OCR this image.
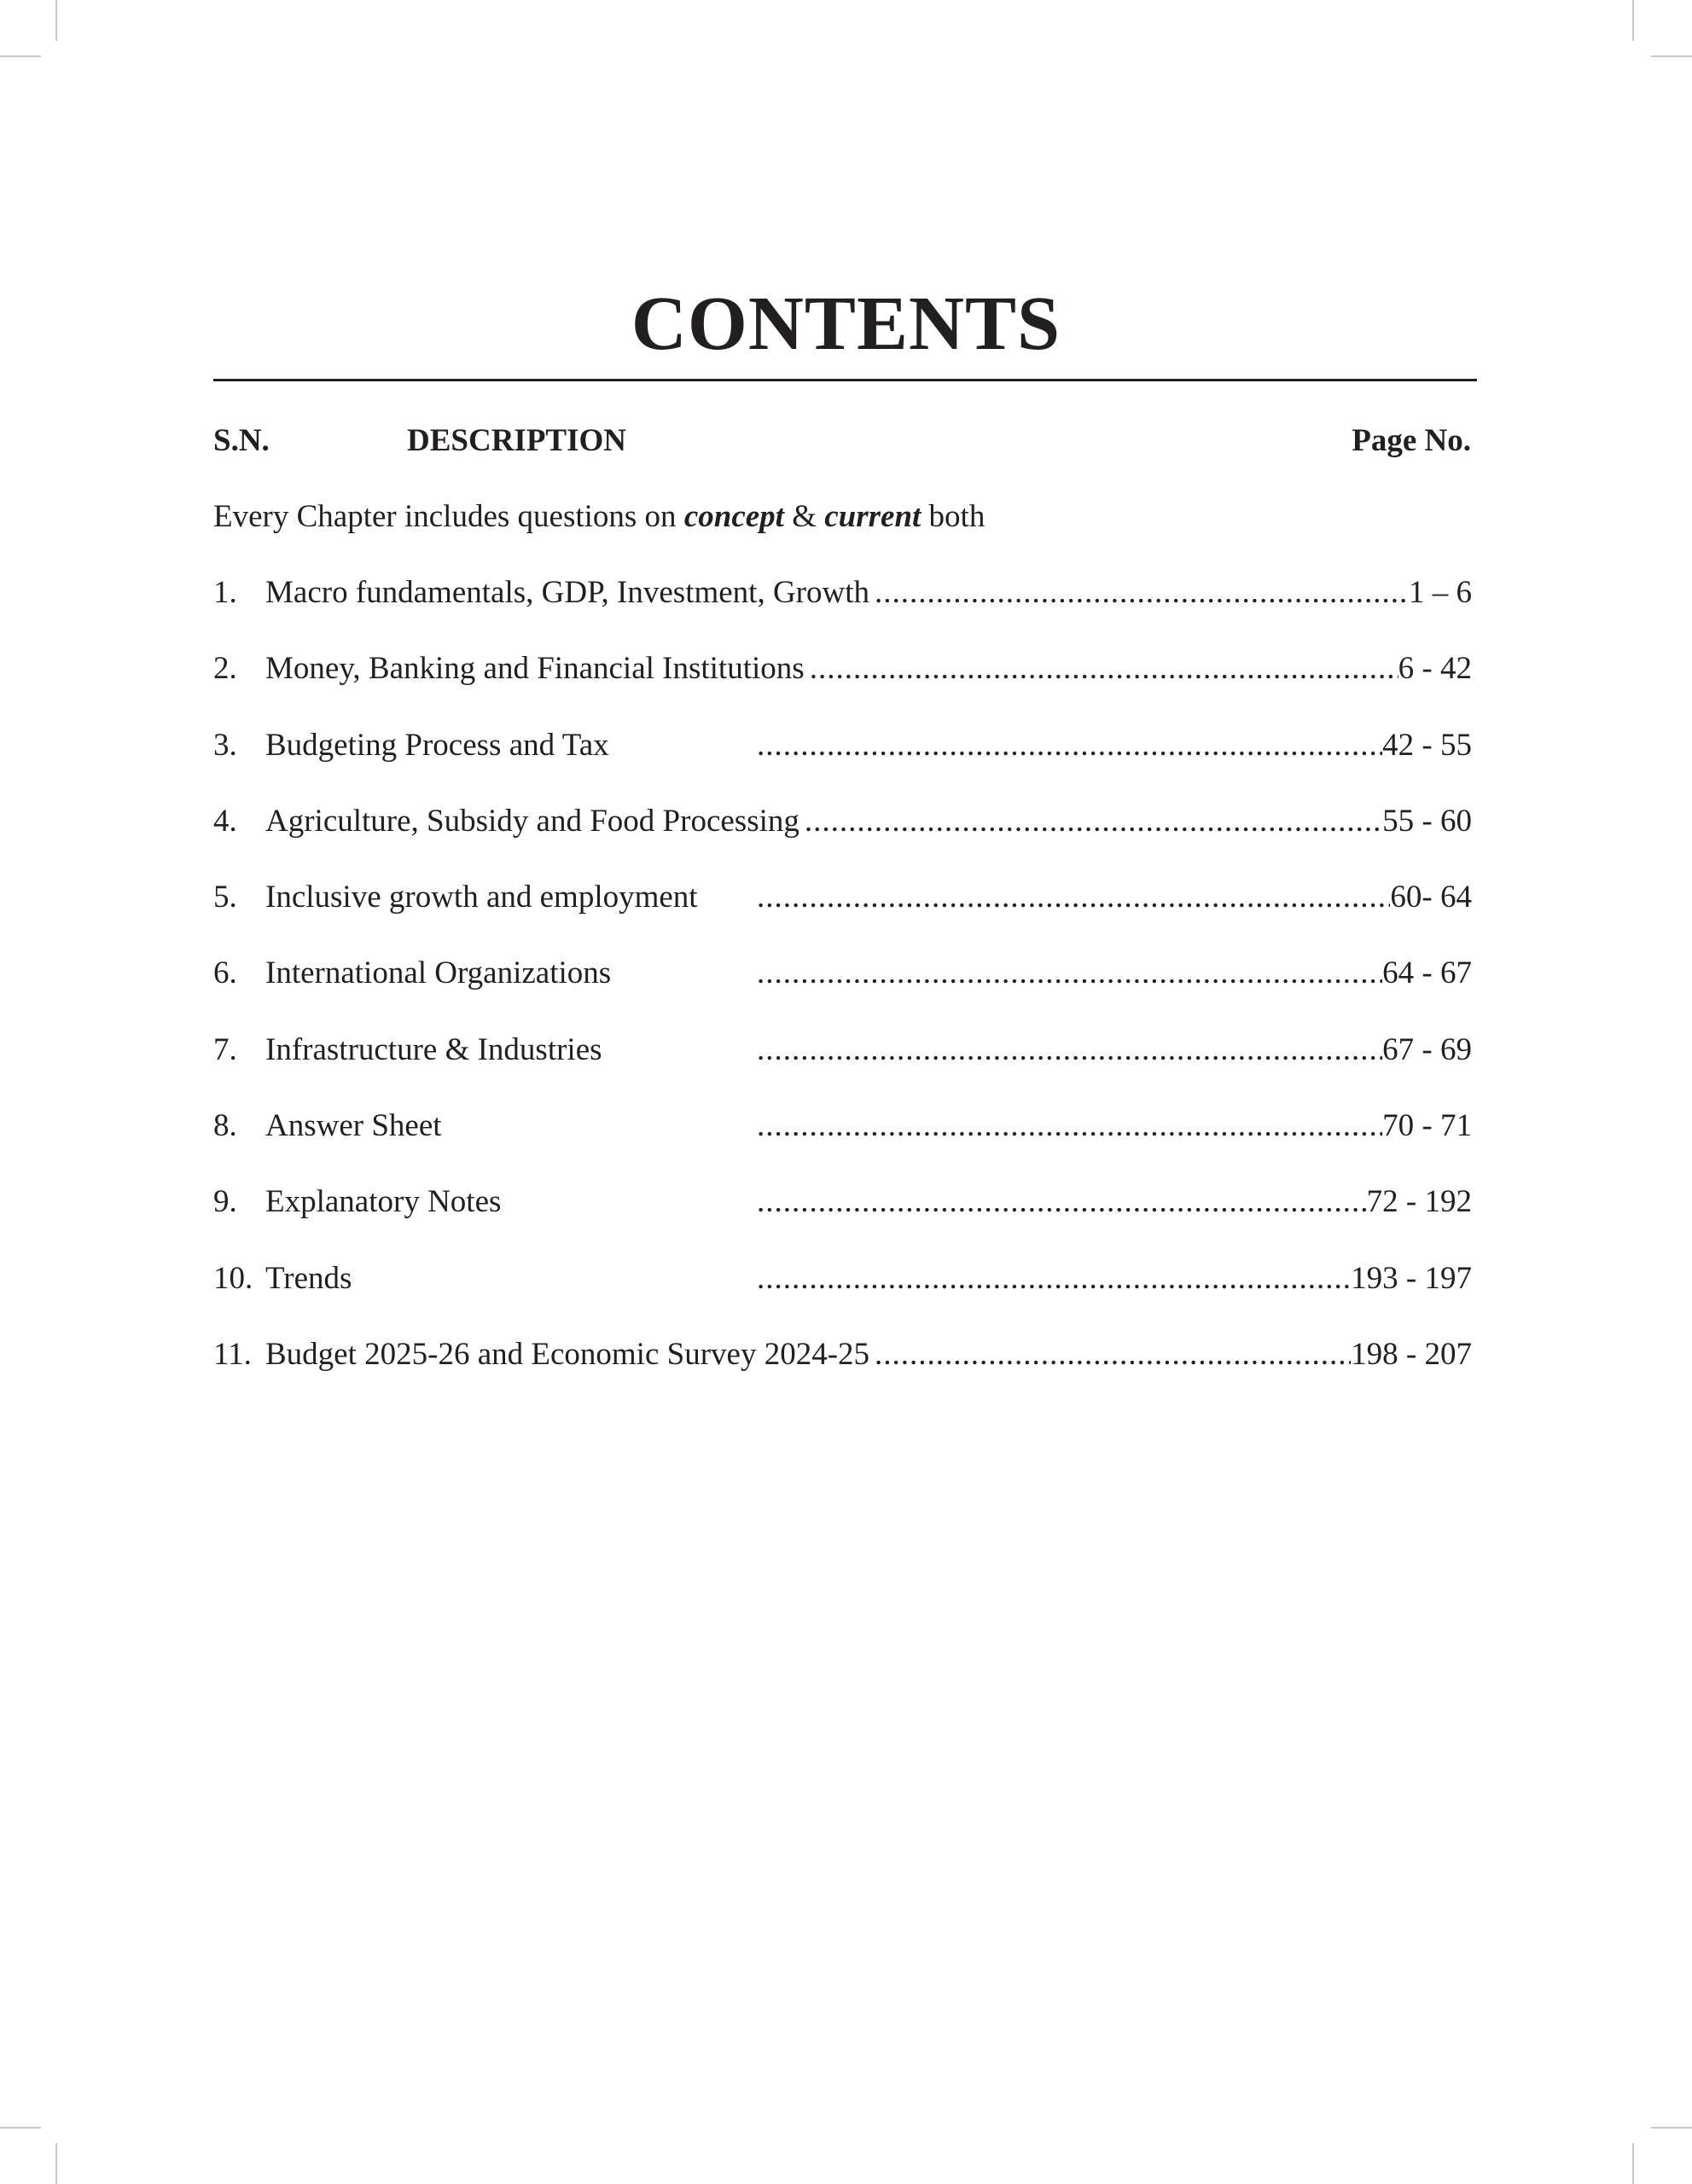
CONTENTS
S.N.	DESCRIPTION	Page No.
Every Chapter includes questions on concept & current both
1. Macro fundamentals, GDP, Investment, Growth .....	1 – 6
2. Money, Banking and Financial Institutions .....	6 - 42
3. Budgeting Process and Tax .....	42 - 55
4. Agriculture, Subsidy and Food Processing .....	55 - 60
5. Inclusive growth and employment .....	60- 64
6. International Organizations .....	64 - 67
7. Infrastructure & Industries .....	67 - 69
8. Answer Sheet .....	70 - 71
9. Explanatory Notes .....	72 - 192
10. Trends .....	193 - 197
11. Budget 2025-26 and Economic Survey 2024-25 .....	198 - 207
